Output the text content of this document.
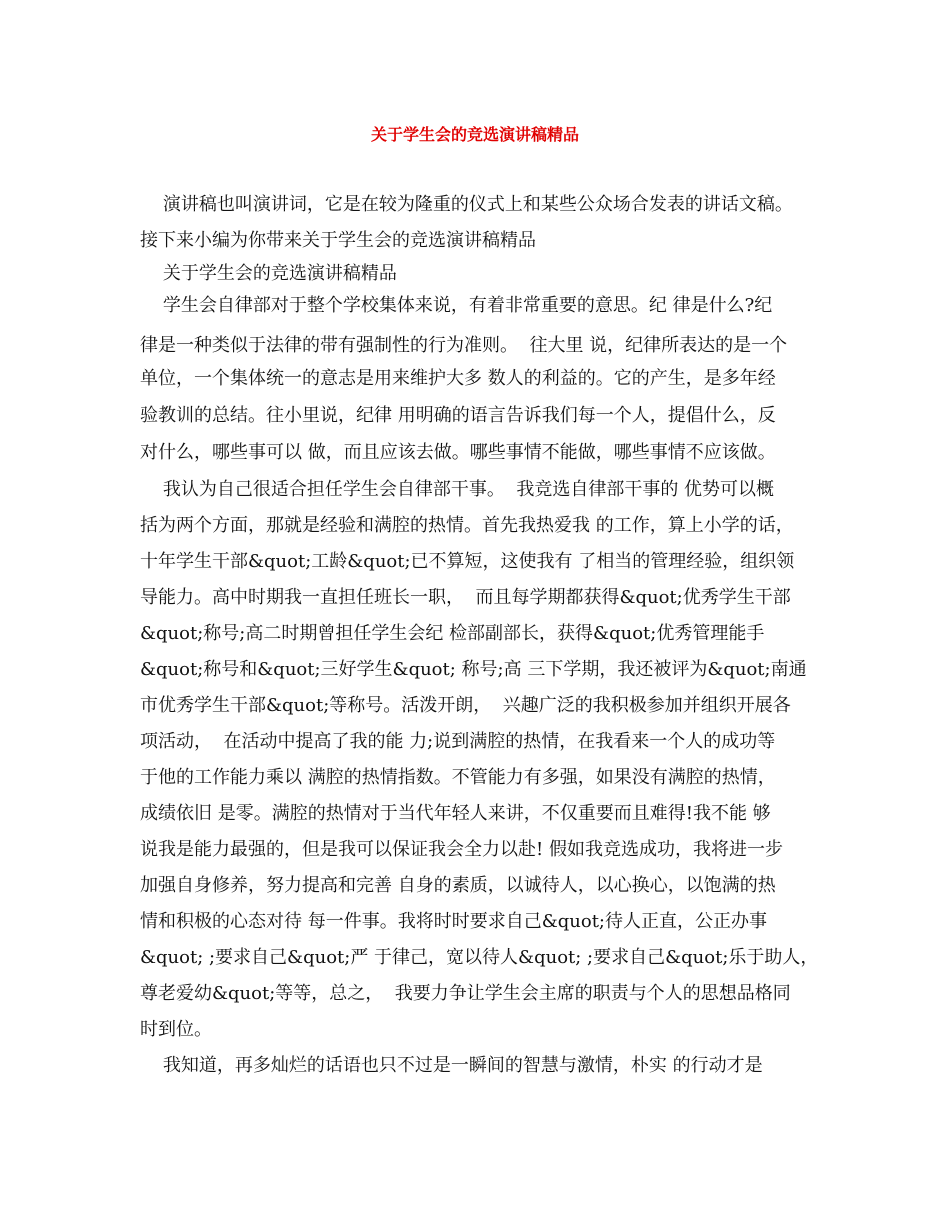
关于学生会的竞选演讲稿精品
演讲稿也叫演讲词，它是在较为隆重的仪式上和某些公众场合发表的讲话文稿。
接下来小编为你带来关于学生会的竞选演讲稿精品
关于学生会的竞选演讲稿精品
学生会自律部对于整个学校集体来说，有着非常重要的意思。纪 律是什么?纪
律是一种类似于法律的带有强制性的行为准则。  往大里 说，纪律所表达的是一个
单位，一个集体统一的意志是用来维护大多 数人的利益的。它的产生，是多年经
验教训的总结。往小里说，纪律 用明确的语言告诉我们每一个人，提倡什么，反
对什么，哪些事可以 做，而且应该去做。哪些事情不能做，哪些事情不应该做。
我认为自己很适合担任学生会自律部干事。  我竞选自律部干事的 优势可以概
括为两个方面，那就是经验和满腔的热情。首先我热爱我 的工作，算上小学的话，
十年学生干部&quot;工龄&quot;已不算短，这使我有 了相当的管理经验，组织领
导能力。高中时期我一直担任班长一职，  而且每学期都获得&quot;优秀学生干部
&quot;称号;高二时期曾担任学生会纪 检部副部长，获得&quot;优秀管理能手
&quot;称号和&quot;三好学生&quot; 称号;高 三下学期，我还被评为&quot;南通
市优秀学生干部&quot;等称号。活泼开朗，  兴趣广泛的我积极参加并组织开展各
项活动，  在活动中提高了我的能 力;说到满腔的热情，在我看来一个人的成功等
于他的工作能力乘以 满腔的热情指数。不管能力有多强，如果没有满腔的热情，
成绩依旧 是零。满腔的热情对于当代年轻人来讲，不仅重要而且难得!我不能 够
说我是能力最强的，但是我可以保证我会全力以赴! 假如我竞选成功，我将进一步
加强自身修养，努力提高和完善 自身的素质，以诚待人，以心换心，以饱满的热
情和积极的心态对待 每一件事。我将时时要求自己&quot;待人正直，公正办事
&quot; ;要求自己&quot;严 于律己，宽以待人&quot; ;要求自己&quot;乐于助人，
尊老爱幼&quot;等等，总之，  我要力争让学生会主席的职责与个人的思想品格同
时到位。
我知道，再多灿烂的话语也只不过是一瞬间的智慧与激情，朴实 的行动才是
